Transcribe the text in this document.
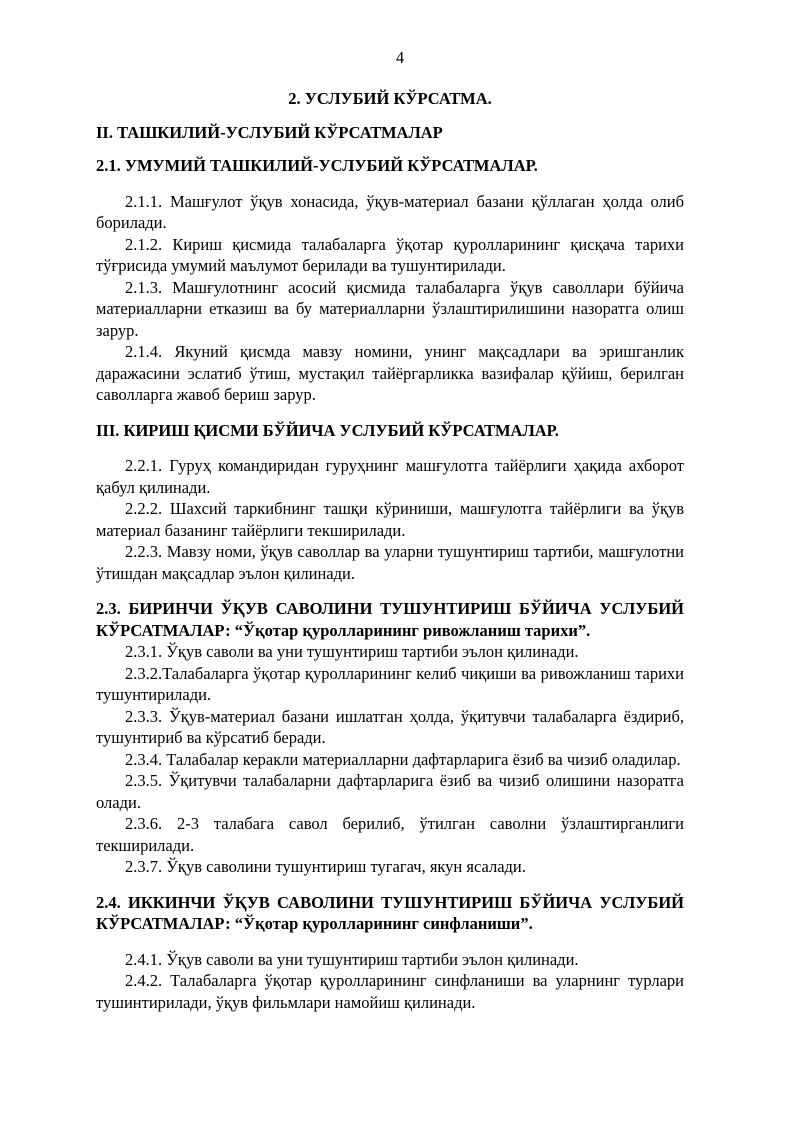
4
2. УСЛУБИЙ КЎРСАТМА.
II. ТАШКИЛИЙ-УСЛУБИЙ КЎРСАТМАЛАР
2.1. УМУМИЙ ТАШКИЛИЙ-УСЛУБИЙ КЎРСАТМАЛАР.

2.1.1. Машғулот ўқув хонасида, ўқув-материал базани қўллаган ҳолда олиб борилади.

2.1.2. Кириш қисмида талабаларга ўқотар қуролларининг қисқача тарихи тўғрисида умумий маълумот берилади ва тушунтирилади.

2.1.3. Машғулотнинг асосий қисмида талабаларга ўқув саволлари бўйича материалларни етказиш ва бу материалларни ўзлаштирилишини назоратга олиш зарур.

2.1.4. Якуний қисмда мавзу номини, унинг мақсадлари ва эришганлик даражасини эслатиб ўтиш, мустақил тайёргарликка вазифалар қўйиш, берилган саволларга жавоб бериш зарур.

III. КИРИШ ҚИСМИ БЎЙИЧА УСЛУБИЙ КЎРСАТМАЛАР.

2.2.1. Гуруҳ командиридан гуруҳнинг машғулотга тайёрлиги ҳақида ахборот қабул қилинади.

2.2.2. Шахсий таркибнинг ташқи кўриниши, машғулотга тайёрлиги ва ўқув материал базанинг тайёрлиги текширилади.

2.2.3. Мавзу номи, ўқув саволлар ва уларни тушунтириш тартиби, машғулотни ўтишдан мақсадлар эълон қилинади.

2.3. БИРИНЧИ ЎҚУВ САВОЛИНИ ТУШУНТИРИШ БЎЙИЧА УСЛУБИЙ КЎРСАТМАЛАР: “Ўқотар қуролларининг ривожланиш тарихи”.

2.3.1. Ўқув саволи ва уни тушунтириш тартиби эълон қилинади.

2.3.2.Талабаларга ўқотар қуролларининг келиб чиқиши ва ривожланиш тарихи тушунтирилади.

2.3.3. Ўқув-материал базани ишлатган ҳолда, ўқитувчи талабаларга ёздириб, тушунтириб ва кўрсатиб беради.

2.3.4. Талабалар керакли материалларни дафтарларига ёзиб ва чизиб оладилар.

2.3.5. Ўқитувчи талабаларни дафтарларига ёзиб ва чизиб олишини назоратга олади.

2.3.6. 2-3 талабага савол берилиб, ўтилган саволни ўзлаштирганлиги текширилади.

2.3.7. Ўқув саволини тушунтириш тугагач, якун ясалади.

2.4. ИККИНЧИ ЎҚУВ САВОЛИНИ ТУШУНТИРИШ БЎЙИЧА УСЛУБИЙ КЎРСАТМАЛАР: “Ўқотар қуролларининг синфланиши”.

2.4.1. Ўқув саволи ва уни тушунтириш тартиби эълон қилинади.

2.4.2. Талабаларга ўқотар қуролларининг синфланиши ва уларнинг турлари тушинтирилади, ўқув фильмлари намойиш қилинади.
